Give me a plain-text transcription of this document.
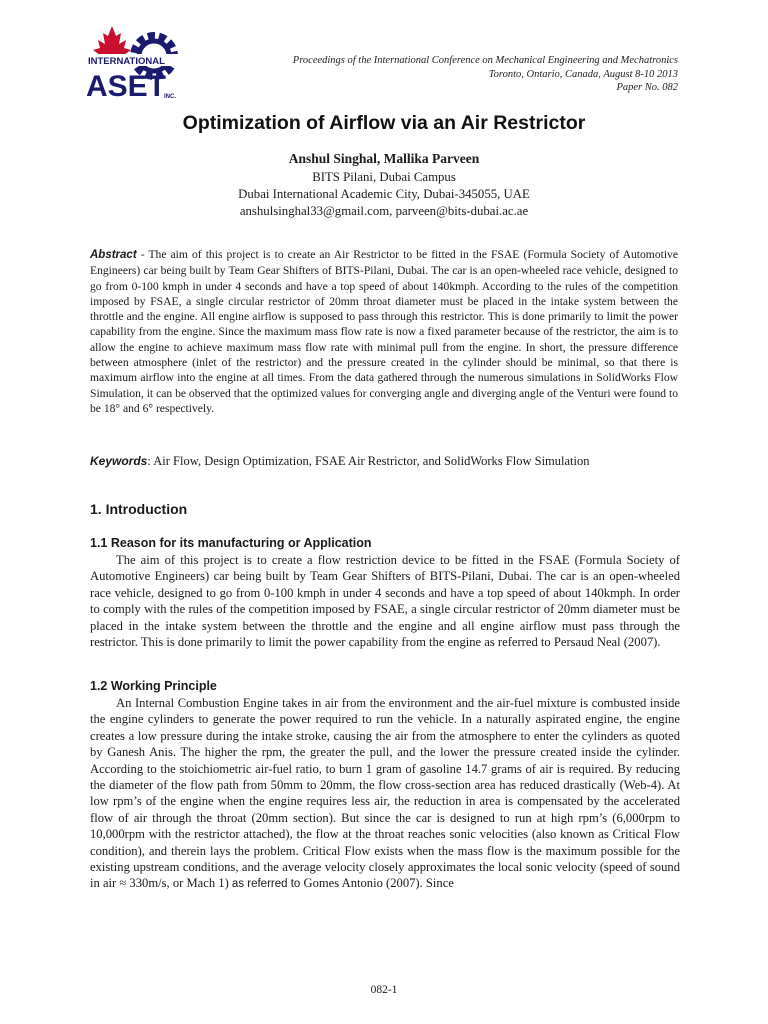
INTERNATIONAL
ASET
INC.
Proceedings of the International Conference on Mechanical Engineering and Mechatronics
Toronto, Ontario, Canada, August 8-10 2013
Paper No. 082
Optimization of Airflow via an Air Restrictor
Anshul Singhal, Mallika Parveen
BITS Pilani, Dubai Campus
Dubai International Academic City, Dubai-345055, UAE
anshulsinghal33@gmail.com, parveen@bits-dubai.ac.ae
Abstract - The aim of this project is to create an Air Restrictor to be fitted in the FSAE (Formula Society of Automotive Engineers) car being built by Team Gear Shifters of BITS-Pilani, Dubai. The car is an open-wheeled race vehicle, designed to go from 0-100 kmph in under 4 seconds and have a top speed of about 140kmph. According to the rules of the competition imposed by FSAE, a single circular restrictor of 20mm throat diameter must be placed in the intake system between the throttle and the engine. All engine airflow is supposed to pass through this restrictor. This is done primarily to limit the power capability from the engine. Since the maximum mass flow rate is now a fixed parameter because of the restrictor, the aim is to allow the engine to achieve maximum mass flow rate with minimal pull from the engine. In short, the pressure difference between atmosphere (inlet of the restrictor) and the pressure created in the cylinder should be minimal, so that there is maximum airflow into the engine at all times. From the data gathered through the numerous simulations in SolidWorks Flow Simulation, it can be observed that the optimized values for converging angle and diverging angle of the Venturi were found to be 18° and 6° respectively.
Keywords: Air Flow, Design Optimization, FSAE Air Restrictor, and SolidWorks Flow Simulation
1. Introduction
1.1 Reason for its manufacturing or Application
The aim of this project is to create a flow restriction device to be fitted in the FSAE (Formula Society of Automotive Engineers) car being built by Team Gear Shifters of BITS-Pilani, Dubai. The car is an open-wheeled race vehicle, designed to go from 0-100 kmph in under 4 seconds and have a top speed of about 140kmph. In order to comply with the rules of the competition imposed by FSAE, a single circular restrictor of 20mm diameter must be placed in the intake system between the throttle and the engine and all engine airflow must pass through the restrictor. This is done primarily to limit the power capability from the engine as referred to Persaud Neal (2007).
1.2 Working Principle
An Internal Combustion Engine takes in air from the environment and the air-fuel mixture is combusted inside the engine cylinders to generate the power required to run the vehicle. In a naturally aspirated engine, the engine creates a low pressure during the intake stroke, causing the air from the atmosphere to enter the cylinders as quoted by Ganesh Anis. The higher the rpm, the greater the pull, and the lower the pressure created inside the cylinder. According to the stoichiometric air-fuel ratio, to burn 1 gram of gasoline 14.7 grams of air is required. By reducing the diameter of the flow path from 50mm to 20mm, the flow cross-section area has reduced drastically (Web-4). At low rpm’s of the engine when the engine requires less air, the reduction in area is compensated by the accelerated flow of air through the throat (20mm section). But since the car is designed to run at high rpm’s (6,000rpm to 10,000rpm with the restrictor attached), the flow at the throat reaches sonic velocities (also known as Critical Flow condition), and therein lays the problem. Critical Flow exists when the mass flow is the maximum possible for the existing upstream conditions, and the average velocity closely approximates the local sonic velocity (speed of sound in air ≈ 330m/s, or Mach 1) as referred to Gomes Antonio (2007). Since
082-1
